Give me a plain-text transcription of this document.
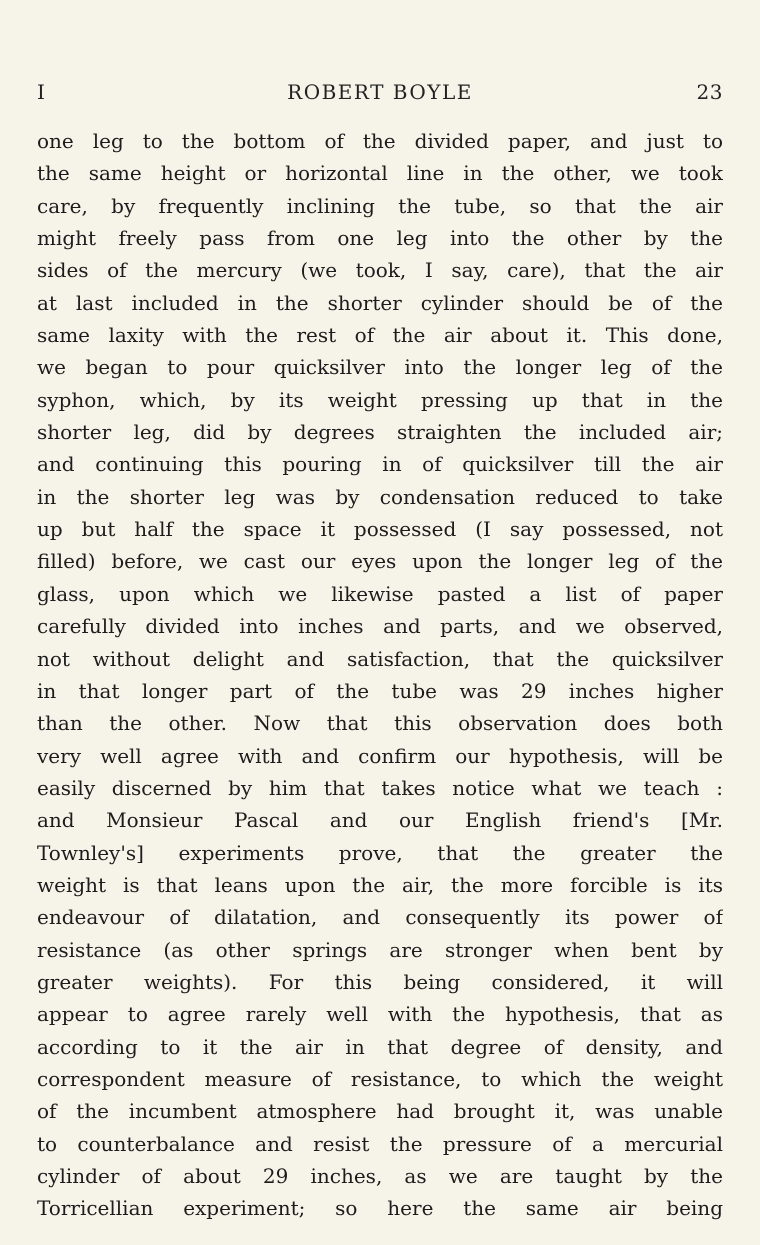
I	ROBERT BOYLE	23
one leg to the bottom of the divided paper, and just to
the same height or horizontal line in the other, we took
care, by frequently inclining the tube, so that the air
might freely pass from one leg into the other by the
sides of the mercury (we took, I say, care), that the air
at last included in the shorter cylinder should be of the
same laxity with the rest of the air about it. This done,
we began to pour quicksilver into the longer leg of the
syphon, which, by its weight pressing up that in the
shorter leg, did by degrees straighten the included air;
and continuing this pouring in of quicksilver till the air
in the shorter leg was by condensation reduced to take
up but half the space it possessed (I say possessed, not
filled) before, we cast our eyes upon the longer leg of the
glass, upon which we likewise pasted a list of paper
carefully divided into inches and parts, and we observed,
not without delight and satisfaction, that the quicksilver
in that longer part of the tube was 29 inches higher
than the other. Now that this observation does both
very well agree with and confirm our hypothesis, will be
easily discerned by him that takes notice what we teach :
and Monsieur Pascal and our English friend's [Mr.
Townley's] experiments prove, that the greater the
weight is that leans upon the air, the more forcible is its
endeavour of dilatation, and consequently its power of
resistance (as other springs are stronger when bent by
greater weights). For this being considered, it will
appear to agree rarely well with the hypothesis, that as
according to it the air in that degree of density, and
correspondent measure of resistance, to which the weight
of the incumbent atmosphere had brought it, was unable
to counterbalance and resist the pressure of a mercurial
cylinder of about 29 inches, as we are taught by the
Torricellian experiment; so here the same air being
